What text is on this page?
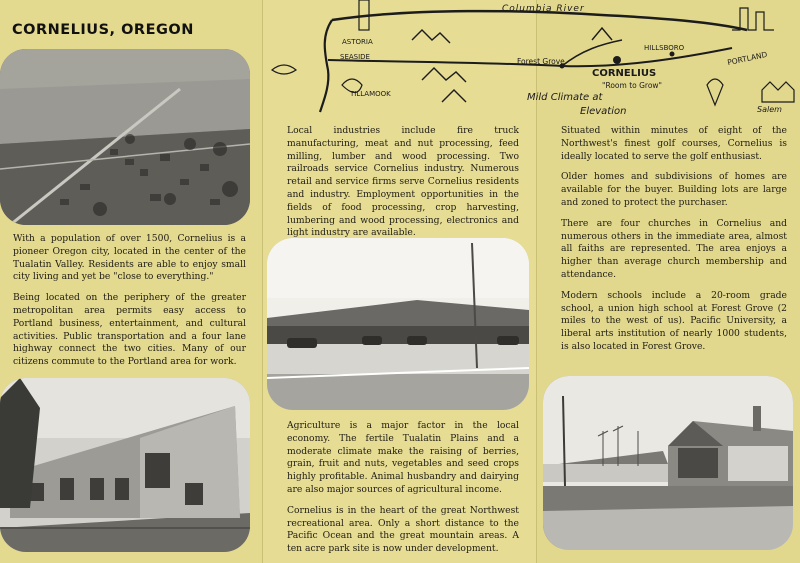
CORNELIUS, OREGON

With a population of over 1500, Cornelius is a pioneer Oregon city, located in the center of the Tualatin Valley. Residents are able to enjoy small city living and yet be "close to everything."

Being located on the periphery of the greater metropolitan area permits easy access to Portland business, entertainment, and cultural activities. Public transportation and a four lane highway connect the two cities. Many of our citizens commute to the Portland area for work.

Local industries include fire truck manufacturing, meat and nut processing, feed milling, lumber and wood processing. Two railroads service Cornelius industry. Numerous retail and service firms serve Cornelius residents and industry. Employment opportunities in the fields of food processing, crop harvesting, lumbering and wood processing, electronics and light industry are available.

Agriculture is a major factor in the local economy. The fertile Tualatin Plains and a moderate climate make the raising of berries, grain, fruit and nuts, vegetables and seed crops highly profitable. Animal husbandry and dairying are also major sources of agricultural income.

Cornelius is in the heart of the great Northwest recreational area. Only a short distance to the Pacific Ocean and the great mountain areas. A ten acre park site is now under development.

Situated within minutes of eight of the Northwest's finest golf courses, Cornelius is ideally located to serve the golf enthusiast.

Older homes and subdivisions of homes are available for the buyer. Building lots are large and zoned to protect the purchaser.

There are four churches in Cornelius and numerous others in the immediate area, almost all faiths are represented. The area enjoys a higher than average church membership and attendance.

Modern schools include a 20-room grade school, a union high school at Forest Grove (2 miles to the west of us). Pacific University, a liberal arts institution of nearly 1000 students, is also located in Forest Grove.

Columbia River
ASTORIA
SEASIDE
TILLAMOOK
Forest Grove
HILLSBORO
PORTLAND
Salem
CORNELIUS
"Room to Grow"
Mild Climate at
Elevation
